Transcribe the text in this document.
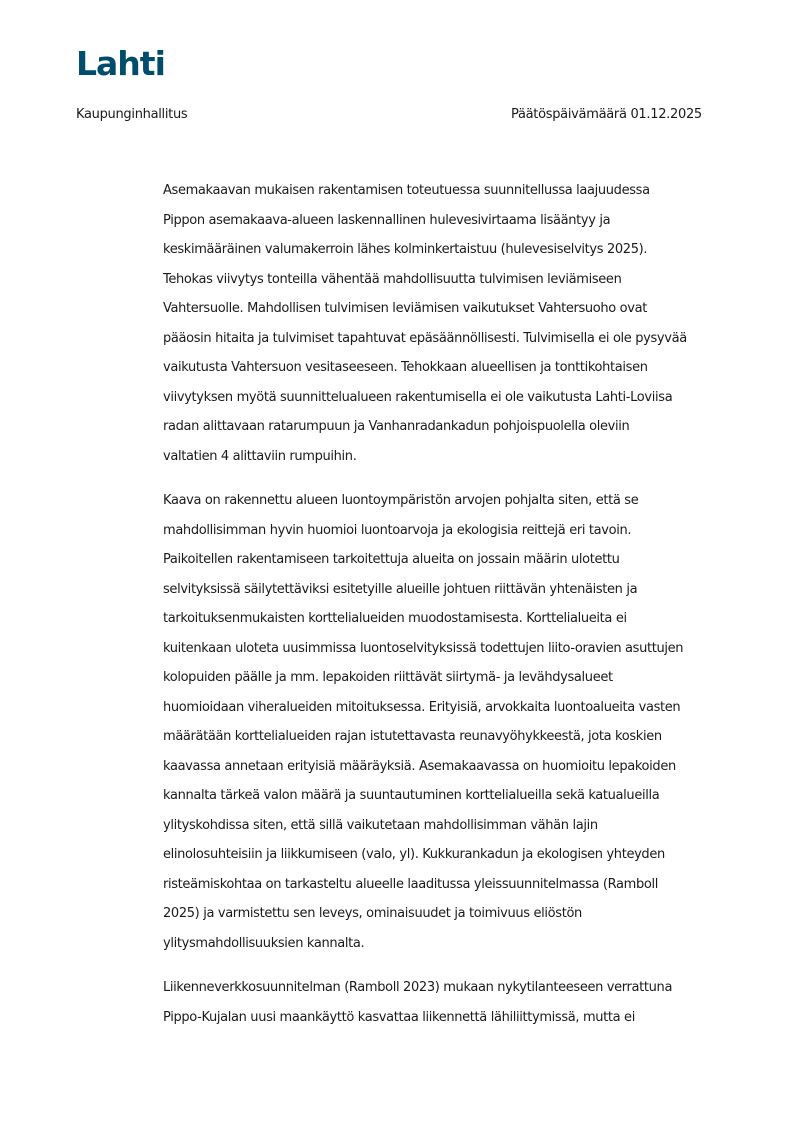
Lahti
Kaupunginhallitus	Päätöspäivämäärä 01.12.2025
Asemakaavan mukaisen rakentamisen toteutuessa suunnitellussa laajuudessa
Pippon asemakaava-alueen laskennallinen hulevesivirtaama lisääntyy ja
keskimääräinen valumakerroin lähes kolminkertaistuu (hulevesiselvitys 2025).
Tehokas viivytys tonteilla vähentää mahdollisuutta tulvimisen leviämiseen
Vahtersuolle. Mahdollisen tulvimisen leviämisen vaikutukset Vahtersuoho ovat
pääosin hitaita ja tulvimiset tapahtuvat epäsäännöllisesti. Tulvimisella ei ole pysyvää
vaikutusta Vahtersuon vesitaseeseen. Tehokkaan alueellisen ja tonttikohtaisen
viivytyksen myötä suunnittelualueen rakentumisella ei ole vaikutusta Lahti-Loviisa
radan alittavaan ratarumpuun ja Vanhanradankadun pohjoispuolella oleviin
valtatien 4 alittaviin rumpuihin.
Kaava on rakennettu alueen luontoympäristön arvojen pohjalta siten, että se
mahdollisimman hyvin huomioi luontoarvoja ja ekologisia reittejä eri tavoin.
Paikoitellen rakentamiseen tarkoitettuja alueita on jossain määrin ulotettu
selvityksissä säilytettäviksi esitetyille alueille johtuen riittävän yhtenäisten ja
tarkoituksenmukaisten korttelialueiden muodostamisesta. Korttelialueita ei
kuitenkaan uloteta uusimmissa luontoselvityksissä todettujen liito-oravien asuttujen
kolopuiden päälle ja mm. lepakoiden riittävät siirtymä- ja levähdysalueet
huomioidaan viheralueiden mitoituksessa. Erityisiä, arvokkaita luontoalueita vasten
määrätään korttelialueiden rajan istutettavasta reunavyöhykkeestä, jota koskien
kaavassa annetaan erityisiä määräyksiä. Asemakaavassa on huomioitu lepakoiden
kannalta tärkeä valon määrä ja suuntautuminen korttelialueilla sekä katualueilla
ylityskohdissa siten, että sillä vaikutetaan mahdollisimman vähän lajin
elinolosuhteisiin ja liikkumiseen (valo, yl). Kukkurankadun ja ekologisen yhteyden
risteämiskohtaa on tarkasteltu alueelle laaditussa yleissuunnitelmassa (Ramboll
2025) ja varmistettu sen leveys, ominaisuudet ja toimivuus eliöstön
ylitysmahdollisuuksien kannalta.
Liikenneverkkosuunnitelman (Ramboll 2023) mukaan nykytilanteeseen verrattuna
Pippo-Kujalan uusi maankäyttö kasvattaa liikennettä lähiliittymissä, mutta ei
